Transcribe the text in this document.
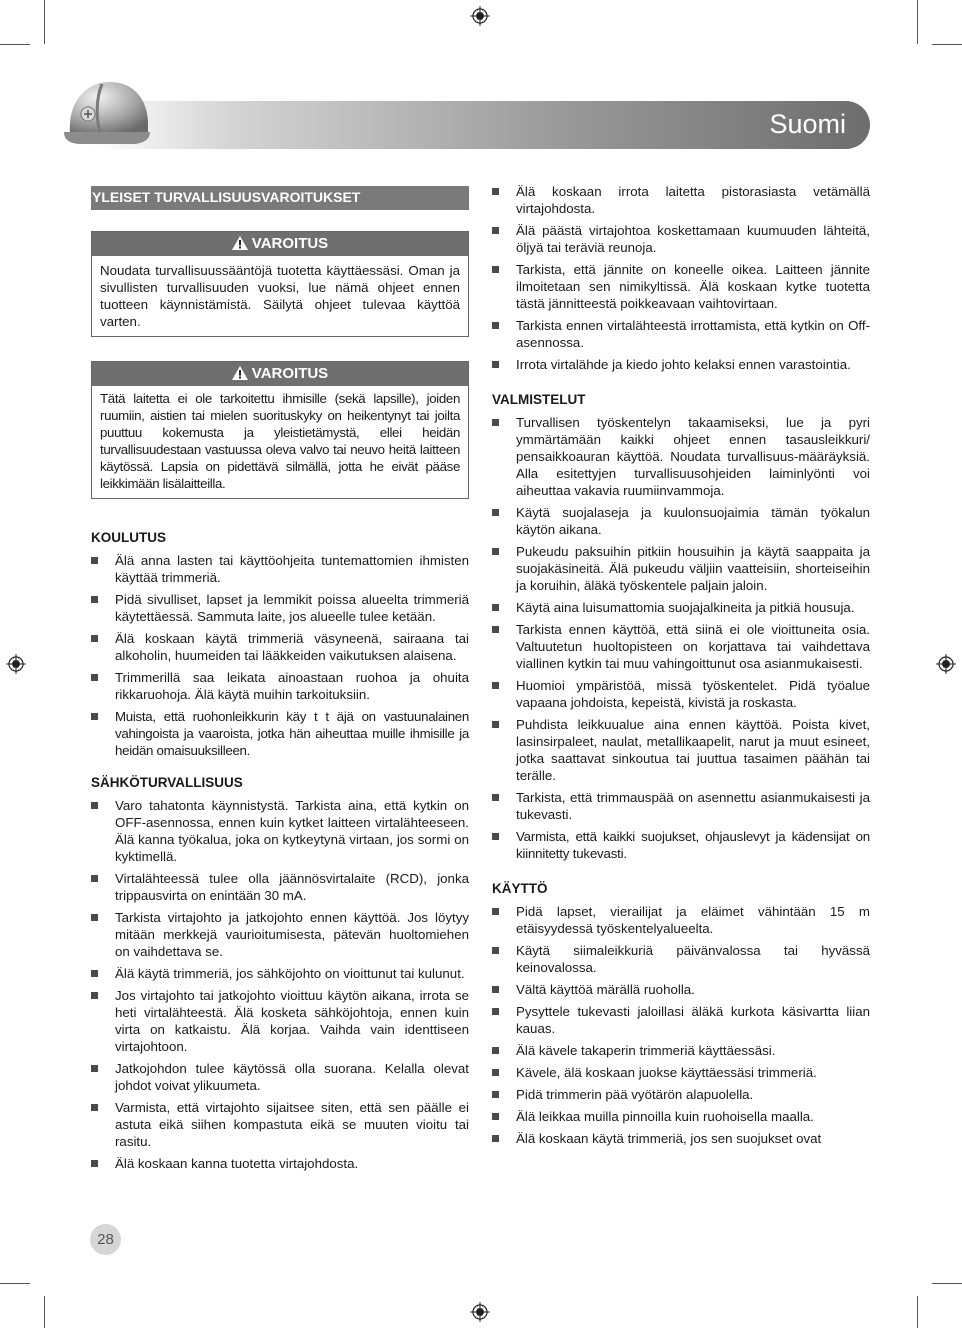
Suomi
YLEISET TURVALLISUUSVAROITUKSET
VAROITUS
Noudata turvallisuussääntöjä tuotetta käyttäessäsi. Oman ja sivullisten turvallisuuden vuoksi, lue nämä ohjeet ennen tuotteen käynnistämistä. Säilytä ohjeet tulevaa käyttöä varten.
VAROITUS
Tätä laitetta ei ole tarkoitettu ihmisille (sekä lapsille), joiden ruumiin, aistien tai mielen suorituskyky on heikentynyt tai joilta puuttuu kokemusta ja yleistietämystä, ellei heidän turvallisuudestaan vastuussa oleva valvo tai neuvo heitä laitteen käytössä. Lapsia on pidettävä silmällä, jotta he eivät pääse leikkimään lisälaitteilla.
KOULUTUS
Älä anna lasten tai käyttöohjeita tuntemattomien ihmisten käyttää trimmeriä.
Pidä sivulliset, lapset ja lemmikit poissa alueelta trimmeriä käytettäessä. Sammuta laite, jos alueelle tulee ketään.
Älä koskaan käytä trimmeriä väsyneenä, sairaana tai alkoholin, huumeiden tai lääkkeiden vaikutuksen alaisena.
Trimmerillä saa leikata ainoastaan ruohoa ja ohuita rikkaruohoja. Älä käytä muihin tarkoituksiin.
Muista, että ruohonleikkurin käy t t äjä on vastuunalainen vahingoista ja vaaroista, jotka hän aiheuttaa muille ihmisille ja heidän omaisuuksilleen.
SÄHKÖTURVALLISUUS
Varo tahatonta käynnistystä. Tarkista aina, että kytkin on OFF-asennossa, ennen kuin kytket laitteen virtalähteeseen. Älä kanna työkalua, joka on kytkeytynä virtaan, jos sormi on kyktimellä.
Virtalähteessä tulee olla jäännösvirtalaite (RCD), jonka trippausvirta on enintään 30 mA.
Tarkista virtajohto ja jatkojohto ennen käyttöä. Jos löytyy mitään merkkejä vaurioitumisesta, pätevän huoltomiehen on vaihdettava se.
Älä käytä trimmeriä, jos sähköjohto on vioittunut tai kulunut.
Jos virtajohto tai jatkojohto vioittuu käytön aikana, irrota se heti virtalähteestä. Älä kosketa sähköjohtoja, ennen kuin virta on katkaistu. Älä korjaa. Vaihda vain identtiseen virtajohtoon.
Jatkojohdon tulee käytössä olla suorana. Kelalla olevat johdot voivat ylikuumeta.
Varmista, että virtajohto sijaitsee siten, että sen päälle ei astuta eikä siihen kompastuta eikä se muuten vioitu tai rasitu.
Älä koskaan kanna tuotetta virtajohdosta.
Älä koskaan irrota laitetta pistorasiasta vetämällä virtajohdosta.
Älä päästä virtajohtoa koskettamaan kuumuuden lähteitä, öljyä tai teräviä reunoja.
Tarkista, että jännite on koneelle oikea. Laitteen jännite ilmoitetaan sen nimikyltissä. Älä koskaan kytke tuotetta tästä jännitteestä poikkeavaan vaihtovirtaan.
Tarkista ennen virtalähteestä irrottamista, että kytkin on Off-asennossa.
Irrota virtalähde ja kiedo johto kelaksi ennen varastointia.
VALMISTELUT
Turvallisen työskentelyn takaamiseksi, lue ja pyri ymmärtämään kaikki ohjeet ennen tasausleikkuri/ pensaikkoauran käyttöä. Noudata turvallisuus-määräyksiä. Alla esitettyjen turvallisuusohjeiden laiminlyönti voi aiheuttaa vakavia ruumiinvammoja.
Käytä suojalaseja ja kuulonsuojaimia tämän työkalun käytön aikana.
Pukeudu paksuihin pitkiin housuihin ja käytä saappaita ja suojakäsineitä. Älä pukeudu väljiin vaatteisiin, shorteiseihin ja koruihin, äläkä työskentele paljain jaloin.
Käytä aina luisumattomia suojajalkineita ja pitkiä housuja.
Tarkista ennen käyttöä, että siinä ei ole vioittuneita osia. Valtuutetun huoltopisteen on korjattava tai vaihdettava viallinen kytkin tai muu vahingoittunut osa asianmukaisesti.
Huomioi ympäristöä, missä työskentelet. Pidä työalue vapaana johdoista, kepeistä, kivistä ja roskasta.
Puhdista leikkuualue aina ennen käyttöä. Poista kivet, lasinsirpaleet, naulat, metallikaapelit, narut ja muut esineet, jotka saattavat sinkoutua tai juuttua tasaimen päähän tai terälle.
Tarkista, että trimmauspää on asennettu asianmukaisesti ja tukevasti.
Varmista, että kaikki suojukset, ohjauslevyt ja kädensijat on kiinnitetty tukevasti.
KÄYTTÖ
Pidä lapset, vierailijat ja eläimet vähintään 15 m etäisyydessä työskentelyalueelta.
Käytä siimaleikkuriä päivänvalossa tai hyvässä keinovalossa.
Vältä käyttöä märällä ruoholla.
Pysyttele tukevasti jaloillasi äläkä kurkota käsivartta liian kauas.
Älä kävele takaperin trimmeriä käyttäessäsi.
Kävele, älä koskaan juokse käyttäessäsi trimmeriä.
Pidä trimmerin pää vyötärön alapuolella.
Älä leikkaa muilla pinnoilla kuin ruohoisella maalla.
Älä koskaan käytä trimmeriä, jos sen suojukset ovat
28
